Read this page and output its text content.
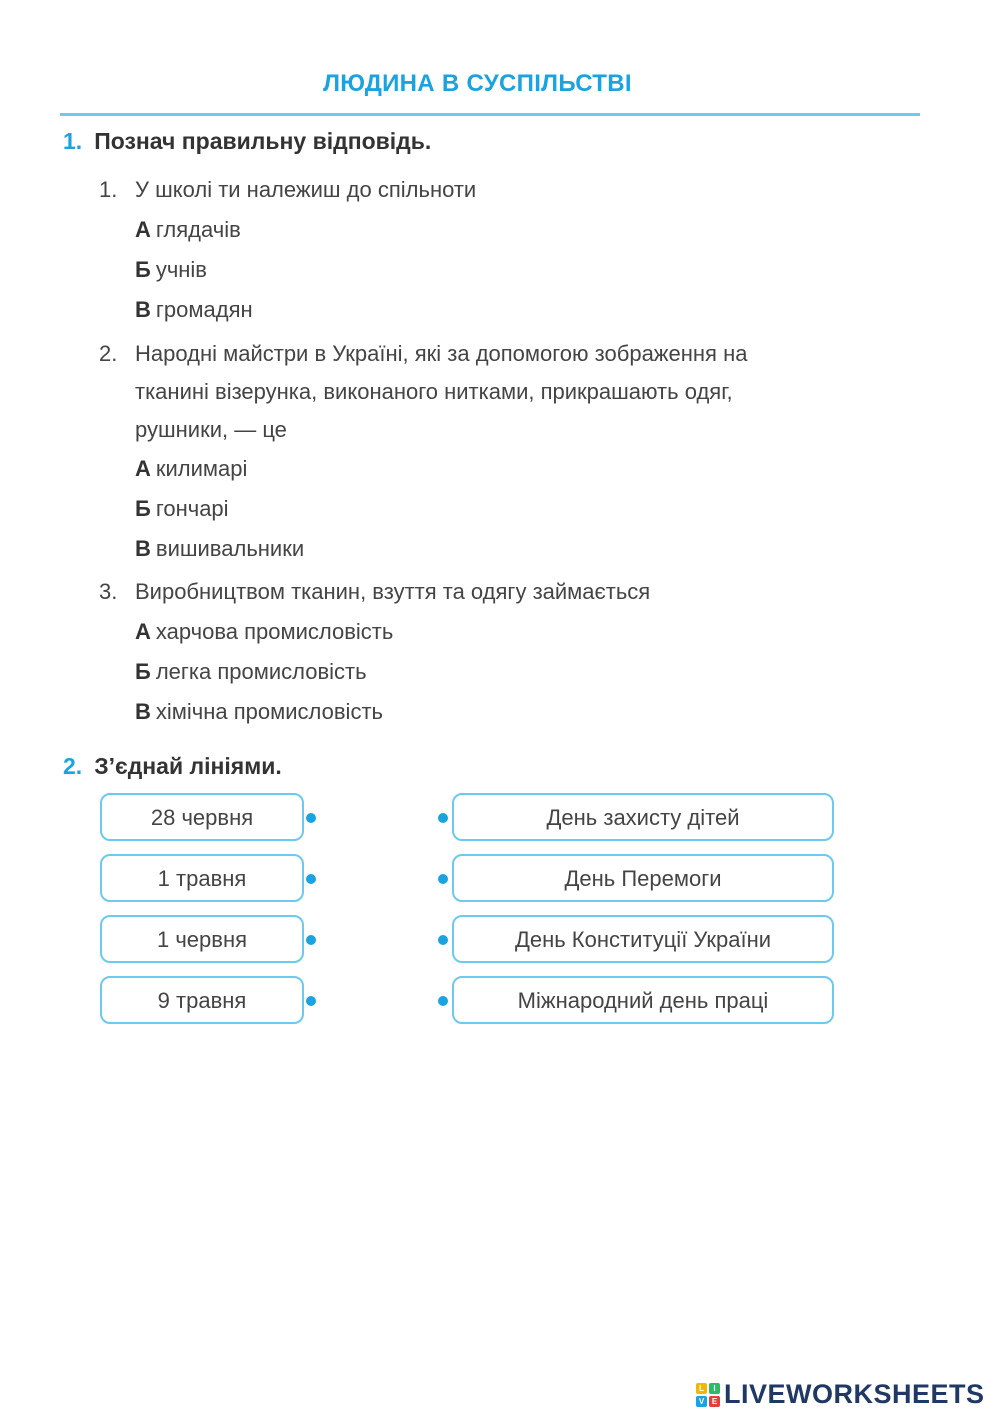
ЛЮДИНА В СУСПІЛЬСТВІ
1. Познач правильну відповідь.
1. У школі ти належиш до спільноти
А глядачів
Б учнів
В громадян
2. Народні майстри в Україні, які за допомогою зображення на
тканині візерунка, виконаного нитками, прикрашають одяг,
рушники, — це
А килимарі
Б гончарі
В вишивальники
3. Виробництвом тканин, взуття та одягу займається
А харчова промисловість
Б легка промисловість
В хімічна промисловість
2. З’єднай лініями.
28 червня	День захисту дітей
1 травня	День Перемоги
1 червня	День Конституції України
9 травня	Міжнародний день праці
L	I
V E LIVEWORKSHEETS
